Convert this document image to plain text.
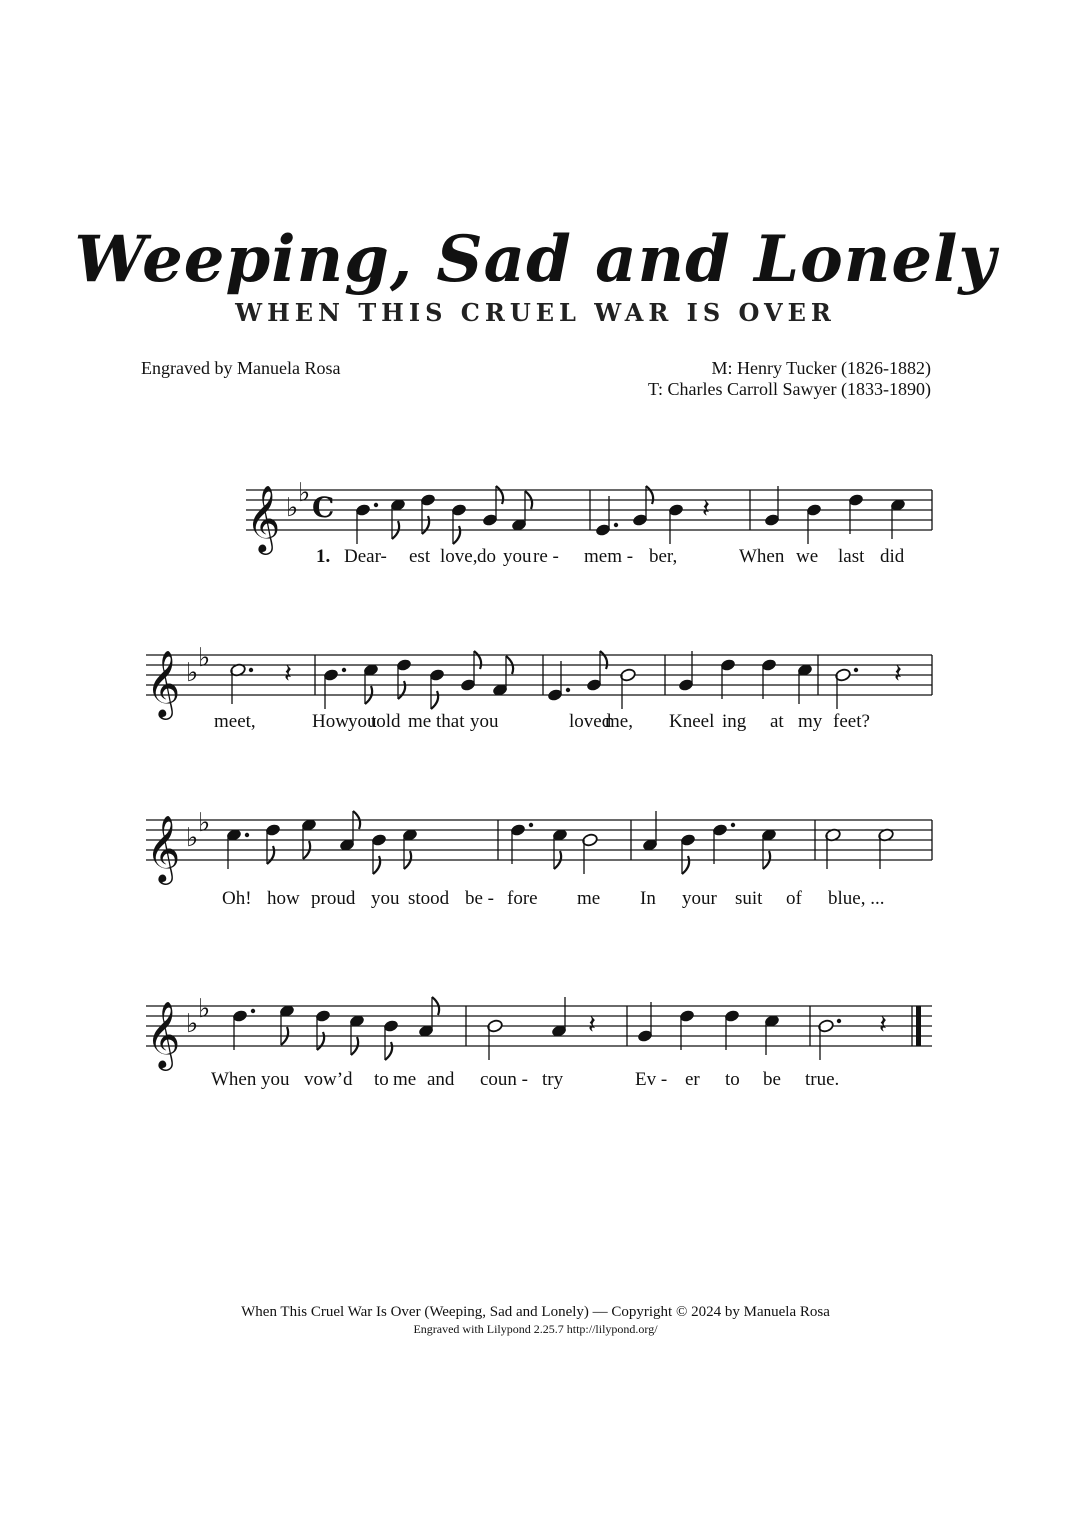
Weeping, Sad and Lonely
WHEN THIS CRUEL WAR IS OVER
Engraved by Manuela Rosa	M: Henry Tucker (1826-1882)
T: Charles Carroll Sawyer (1833-1890)
𝄞 ♭ ♭ C	𝄽
1. Dear- est love, do you re - mem - ber,	When we last did
𝄞 ♭ ♭
𝄽	𝄽
meet,	How you
told me that you	loved
me, Kneel ing at my feet?
𝄞 ♭ ♭
Oh! how proud you stood be - fore me In your suit of blue, ...
𝄞 ♭ ♭
𝄽	𝄽
When you vow’d to me and coun - try	Ev - er to be true.
When This Cruel War Is Over (Weeping, Sad and Lonely) — Copyright © 2024 by Manuela Rosa
Engraved with Lilypond 2.25.7 http://lilypond.org/
